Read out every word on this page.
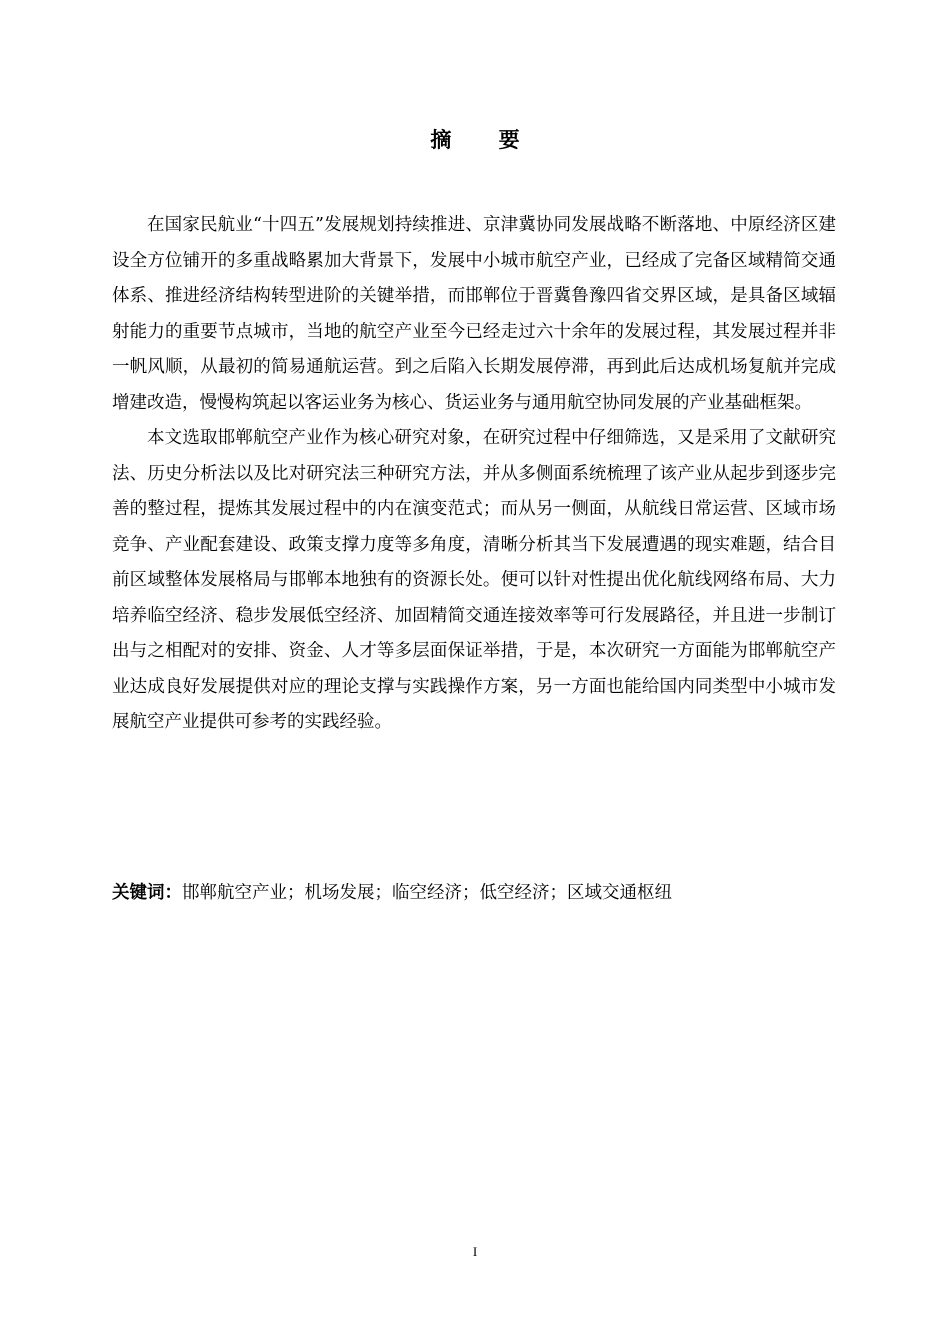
摘 要

在国家民航业“十四五”发展规划持续推进、京津冀协同发展战略不断落地、中原经济区建设全方位铺开的多重战略累加大背景下，发展中小城市航空产业，已经成了完备区域精简交通体系、推进经济结构转型进阶的关键举措，而邯郸位于晋冀鲁豫四省交界区域，是具备区域辐射能力的重要节点城市，当地的航空产业至今已经走过六十余年的发展过程，其发展过程并非一帆风顺，从最初的简易通航运营。到之后陷入长期发展停滞，再到此后达成机场复航并完成增建改造，慢慢构筑起以客运业务为核心、货运业务与通用航空协同发展的产业基础框架。

本文选取邯郸航空产业作为核心研究对象，在研究过程中仔细筛选，又是采用了文献研究法、历史分析法以及比对研究法三种研究方法，并从多侧面系统梳理了该产业从起步到逐步完善的整过程，提炼其发展过程中的内在演变范式；而从另一侧面，从航线日常运营、区域市场竞争、产业配套建设、政策支撑力度等多角度，清晰分析其当下发展遭遇的现实难题，结合目前区域整体发展格局与邯郸本地独有的资源长处。便可以针对性提出优化航线网络布局、大力培养临空经济、稳步发展低空经济、加固精简交通连接效率等可行发展路径，并且进一步制订出与之相配对的安排、资金、人才等多层面保证举措，于是，本次研究一方面能为邯郸航空产业达成良好发展提供对应的理论支撑与实践操作方案，另一方面也能给国内同类型中小城市发展航空产业提供可参考的实践经验。

关键词：邯郸航空产业；机场发展；临空经济；低空经济；区域交通枢纽
I
